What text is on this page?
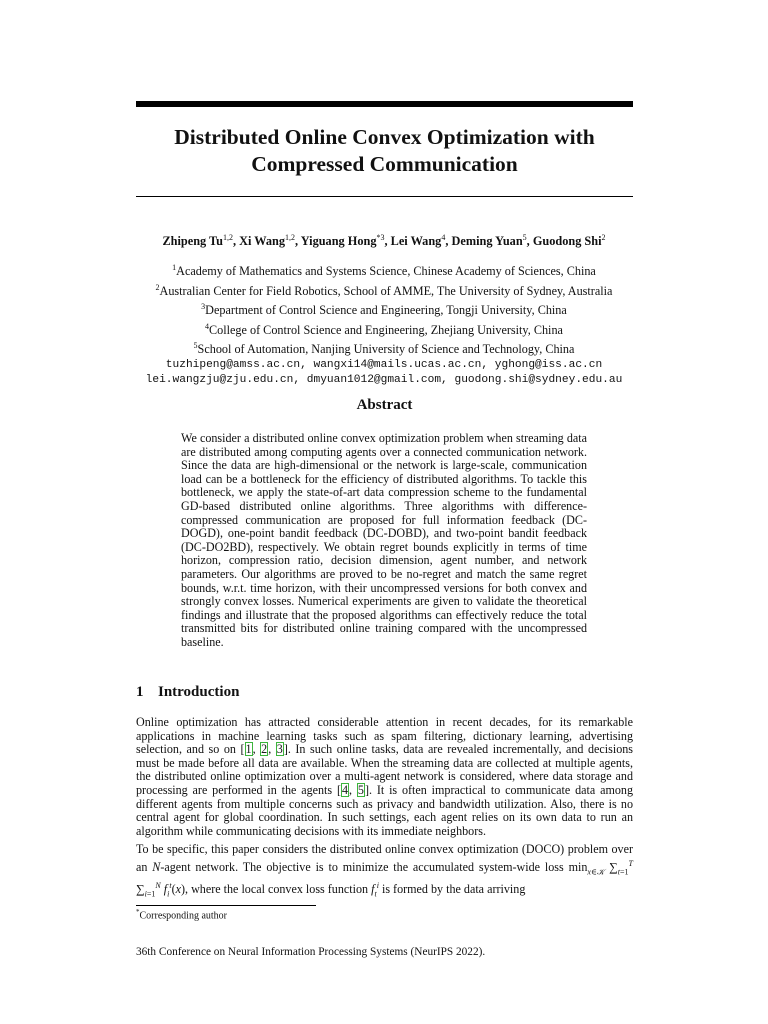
Distributed Online Convex Optimization with
Compressed Communication
Zhipeng Tu$^{1,2}$, Xi Wang$^{1,2}$, Yiguang Hong$^{*3}$, Lei Wang$^4$, Deming Yuan$^5$, Guodong Shi$^2$
$^1$Academy of Mathematics and Systems Science, Chinese Academy of Sciences, China
$^2$Australian Center for Field Robotics, School of AMME, The University of Sydney, Australia
$^3$Department of Control Science and Engineering, Tongji University, China
$^4$College of Control Science and Engineering, Zhejiang University, China
$^5$School of Automation, Nanjing University of Science and Technology, China
tuzhipeng@amss.ac.cn, wangxi14@mails.ucas.ac.cn, yghong@iss.ac.cn
lei.wangzju@zju.edu.cn, dmyuan1012@gmail.com, guodong.shi@sydney.edu.au
Abstract
We consider a distributed online convex optimization problem when streaming data are distributed among computing agents over a connected communication network. Since the data are high-dimensional or the network is large-scale, communication load can be a bottleneck for the efficiency of distributed algorithms. To tackle this bottleneck, we apply the state-of-art data compression scheme to the fundamental GD-based distributed online algorithms. Three algorithms with difference-compressed communication are proposed for full information feedback (DC-DOGD), one-point bandit feedback (DC-DOBD), and two-point bandit feedback (DC-DO2BD), respectively. We obtain regret bounds explicitly in terms of time horizon, compression ratio, decision dimension, agent number, and network parameters. Our algorithms are proved to be no-regret and match the same regret bounds, w.r.t. time horizon, with their uncompressed versions for both convex and strongly convex losses. Numerical experiments are given to validate the theoretical findings and illustrate that the proposed algorithms can effectively reduce the total transmitted bits for distributed online training compared with the uncompressed baseline.
1 Introduction

Online optimization has attracted considerable attention in recent decades, for its remarkable applications in machine learning tasks such as spam filtering, dictionary learning, advertising selection, and so on [1, 2, 3]. In such online tasks, data are revealed incrementally, and decisions must be made before all data are available. When the streaming data are collected at multiple agents, the distributed online optimization over a multi-agent network is considered, where data storage and processing are performed in the agents [4, 5]. It is often impractical to communicate data among different agents from multiple concerns such as privacy and bandwidth utilization. Also, there is no central agent for global coordination. In such settings, each agent relies on its own data to run an algorithm while communicating decisions with its immediate neighbors.

To be specific, this paper considers the distributed online convex optimization (DOCO) problem over an N-agent network. The objective is to minimize the accumulated system-wide loss $\min_{x\in 𝒦} \sum_{t=1}^T$ $\sum_{i=1}^N$ $f_i^t(x)$, where the local convex loss function $f_t^i$ is formed by the data arriving

*Corresponding author
36th Conference on Neural Information Processing Systems (NeurIPS 2022).
